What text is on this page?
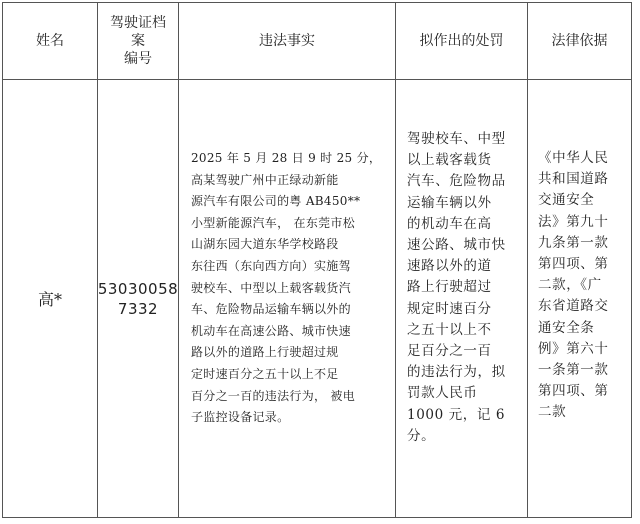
姓名
驾驶证档
案
编号
违法事实	拟作出的处罚	法律依据
高*
53030058
7332
2025 年 5 月 28 日 9 时 25 分，
高某驾驶广州中正绿动新能
源汽车有限公司的粤 AB450**
小型新能源汽车， 在东莞市松
山湖东园大道东华学校路段
东往西（东向西方向）实施驾
驶校车、中型以上载客载货汽
车、危险物品运输车辆以外的
机动车在高速公路、城市快速
路以外的道路上行驶超过规
定时速百分之五十以上不足
百分之一百的违法行为， 被电
子监控设备记录。
驾驶校车、中型
以上载客载货
汽车、危险物品
运输车辆以外
的机动车在高
速公路、城市快
速路以外的道
路上行驶超过
规定时速百分
之五十以上不
足百分之一百
的违法行为，拟
罚款人民币
1000 元，记 6
分。
《中华人民
共和国道路
交通安全
法》第九十
九条第一款
第四项、第
二款，《广
东省道路交
通安全条
例》第六十
一条第一款
第四项、第
二款
